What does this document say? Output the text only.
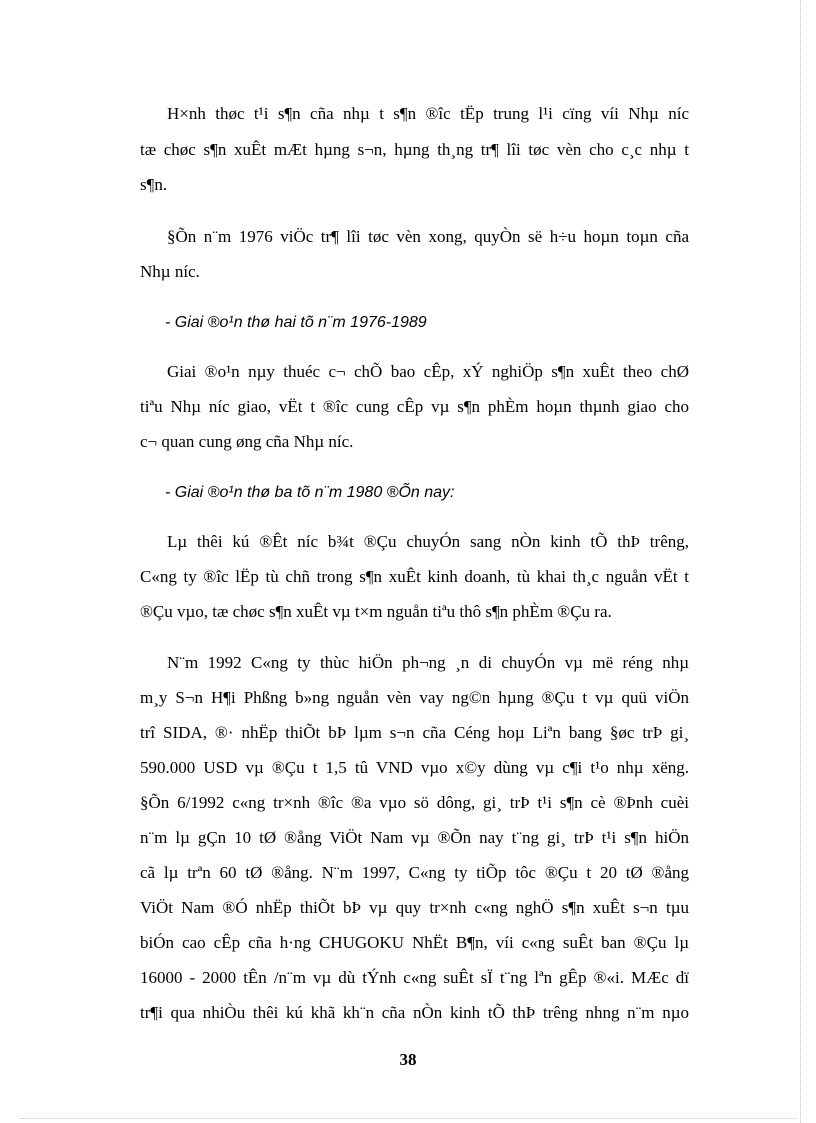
H×nh thøc t¹i s¶n cña nhµ t s¶n ®îc tËp trung l¹i cïng víi Nhµ níc
tæ chøc s¶n xuÊt mÆt hµng s¬n, hµng th¸ng tr¶ lîi tøc vèn cho c¸c nhµ t
s¶n.
§Õn n¨m 1976 viÖc tr¶ lîi tøc vèn xong, quyÒn së h÷u hoµn toµn cña
Nhµ níc.
- Giai ®o¹n thø hai tõ n¨m 1976-1989
Giai ®o¹n nµy thuéc c¬ chÕ bao cÊp, xÝ nghiÖp s¶n xuÊt theo chØ
tiªu Nhµ níc giao, vËt t ®îc cung cÊp vµ s¶n phÈm hoµn thµnh giao cho
c¬ quan cung øng cña Nhµ níc.
- Giai ®o¹n thø ba tõ n¨m 1980 ®Õn nay:
Lµ thêi kú ®Êt níc b¾t ®Çu chuyÓn sang nÒn kinh tÕ thÞ trêng,
C«ng ty ®îc lËp tù chñ trong s¶n xuÊt kinh doanh, tù khai th¸c nguån vËt t
®Çu vµo, tæ chøc s¶n xuÊt vµ t×m nguån tiªu thô s¶n phÈm ®Çu ra.
N¨m 1992 C«ng ty thùc hiÖn ph¬ng ¸n di chuyÓn vµ më réng nhµ
m¸y S¬n H¶i Phßng b»ng nguån vèn vay ng©n hµng ®Çu t vµ quü viÖn
trî SIDA, ®· nhËp thiÕt bÞ lµm s¬n cña Céng hoµ Liªn bang §øc trÞ gi¸
590.000 USD vµ ®Çu t 1,5 tû VND vµo x©y dùng vµ c¶i t¹o nhµ xëng.
§Õn 6/1992 c«ng tr×nh ®îc ®a vµo sö dông, gi¸ trÞ t¹i s¶n cè ®Þnh cuèi
n¨m lµ gÇn 10 tØ ®ång ViÖt Nam vµ ®Õn nay t¨ng gi¸ trÞ t¹i s¶n hiÖn
cã lµ trªn 60 tØ ®ång. N¨m 1997, C«ng ty tiÕp tôc ®Çu t 20 tØ ®ång
ViÖt Nam ®Ó nhËp thiÕt bÞ vµ quy tr×nh c«ng nghÖ s¶n xuÊt s¬n tµu
biÓn cao cÊp cña h·ng CHUGOKU NhËt B¶n, víi c«ng suÊt ban ®Çu lµ
16000 - 2000 tÊn /n¨m vµ dù tÝnh c«ng suÊt sÏ t¨ng lªn gÊp ®«i. MÆc dï
tr¶i qua nhiÒu thêi kú khã kh¨n cña nÒn kinh tÕ thÞ trêng nhng n¨m nµo
38
